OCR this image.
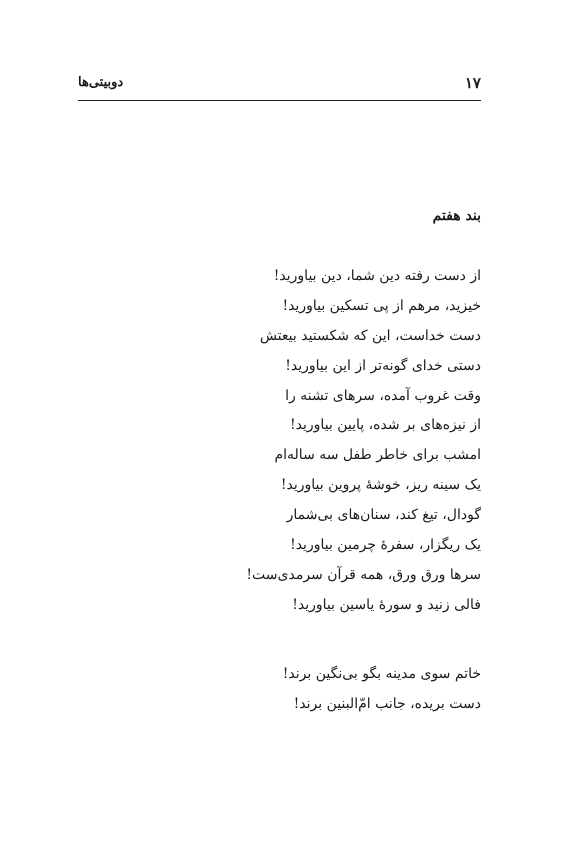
۱۷
دوبیتی‌ها
بند هفتم
از دست رفته دین شما، دین بیاورید!
خیزید، مرهم از پی تسکین بیاورید!
دست خداست، این که شکستید بیعتش
دستی خدای گونه‌تر از این بیاورید!
وقت غروب آمده، سرهای تشنه را
از نیزه‌های بر شده، پایین بیاورید!
امشب برای خاطر طفل سه ساله‌ام
یک سینه ریز، خوشهٔ پروین بیاورید!
گودال، تیغ کند، سنان‌های بی‌شمار
یک ریگزار، سفرهٔ چرمین بیاورید!
سرها ورق ورق، همه قرآن سرمدی‌ست!
فالی زنید و سورهٔ یاسین بیاورید!
خاتم سوی مدینه بگو بی‌نگین برند!
دست بریده، جانب امّ‌البنین برند!
